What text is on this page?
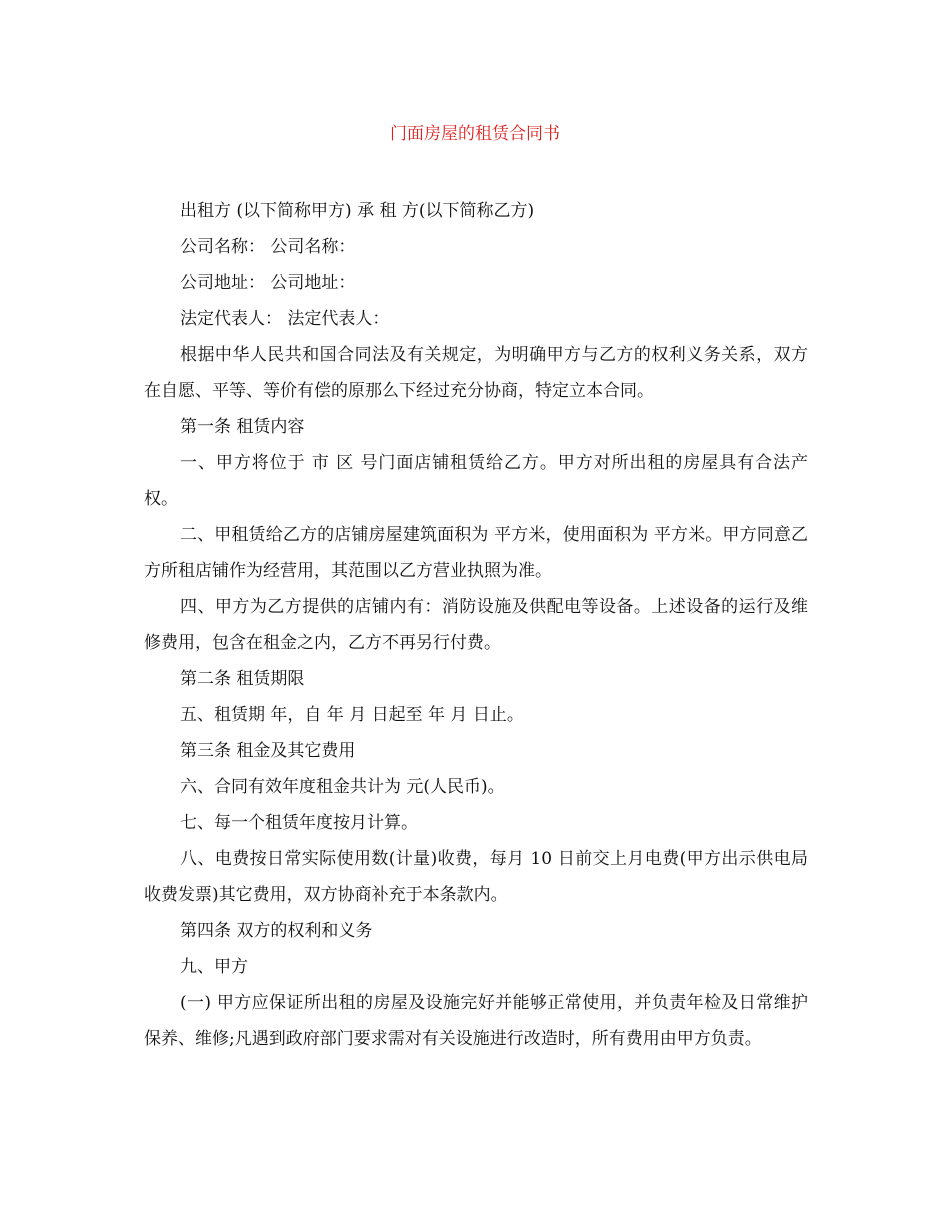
门面房屋的租赁合同书

出租方 (以下简称甲方) 承 租 方(以下简称乙方)

公司名称： 公司名称：

公司地址： 公司地址：

法定代表人： 法定代表人：

根据中华人民共和国合同法及有关规定，为明确甲方与乙方的权利义务关系，双方在自愿、平等、等价有偿的原那么下经过充分协商，特定立本合同。

第一条 租赁内容

一、甲方将位于 市 区 号门面店铺租赁给乙方。甲方对所出租的房屋具有合法产权。

二、甲租赁给乙方的店铺房屋建筑面积为 平方米，使用面积为 平方米。甲方同意乙方所租店铺作为经营用，其范围以乙方营业执照为准。

四、甲方为乙方提供的店铺内有：消防设施及供配电等设备。上述设备的运行及维修费用，包含在租金之内，乙方不再另行付费。

第二条 租赁期限

五、租赁期 年，自 年 月 日起至 年 月 日止。

第三条 租金及其它费用

六、合同有效年度租金共计为 元(人民币)。

七、每一个租赁年度按月计算。

八、电费按日常实际使用数(计量)收费，每月 10 日前交上月电费(甲方出示供电局收费发票)其它费用，双方协商补充于本条款内。

第四条 双方的权利和义务

九、甲方

(一) 甲方应保证所出租的房屋及设施完好并能够正常使用，并负责年检及日常维护保养、维修;凡遇到政府部门要求需对有关设施进行改造时，所有费用由甲方负责。
